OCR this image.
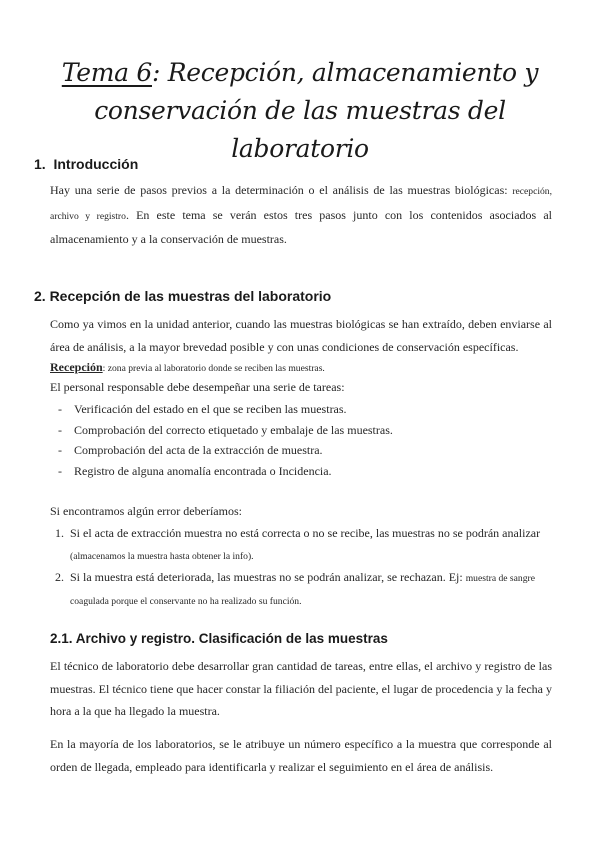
Tema 6: Recepción, almacenamiento y
conservación de las muestras del laboratorio
1. Introducción
Hay una serie de pasos previos a la determinación o el análisis de las muestras biológicas: recepción, archivo y registro. En este tema se verán estos tres pasos junto con los contenidos asociados al almacenamiento y a la conservación de muestras.
2. Recepción de las muestras del laboratorio
Como ya vimos en la unidad anterior, cuando las muestras biológicas se han extraído, deben enviarse al área de análisis, a la mayor brevedad posible y con unas condiciones de conservación específicas.
Recepción: zona previa al laboratorio donde se reciben las muestras.
El personal responsable debe desempeñar una serie de tareas:
- Verificación del estado en el que se reciben las muestras.
- Comprobación del correcto etiquetado y embalaje de las muestras.
- Comprobación del acta de la extracción de muestra.
- Registro de alguna anomalía encontrada o Incidencia.
Si encontramos algún error deberíamos:
1. Si el acta de extracción muestra no está correcta o no se recibe, las muestras no se podrán analizar
(almacenamos la muestra hasta obtener la info).
2. Si la muestra está deteriorada, las muestras no se podrán analizar, se rechazan. Ej: muestra de sangre coagulada porque el conservante no ha realizado su función.
2.1. Archivo y registro. Clasificación de las muestras
El técnico de laboratorio debe desarrollar gran cantidad de tareas, entre ellas, el archivo y registro de las muestras. El técnico tiene que hacer constar la filiación del paciente, el lugar de procedencia y la fecha y hora a la que ha llegado la muestra.
En la mayoría de los laboratorios, se le atribuye un número específico a la muestra que corresponde al orden de llegada, empleado para identificarla y realizar el seguimiento en el área de análisis.
